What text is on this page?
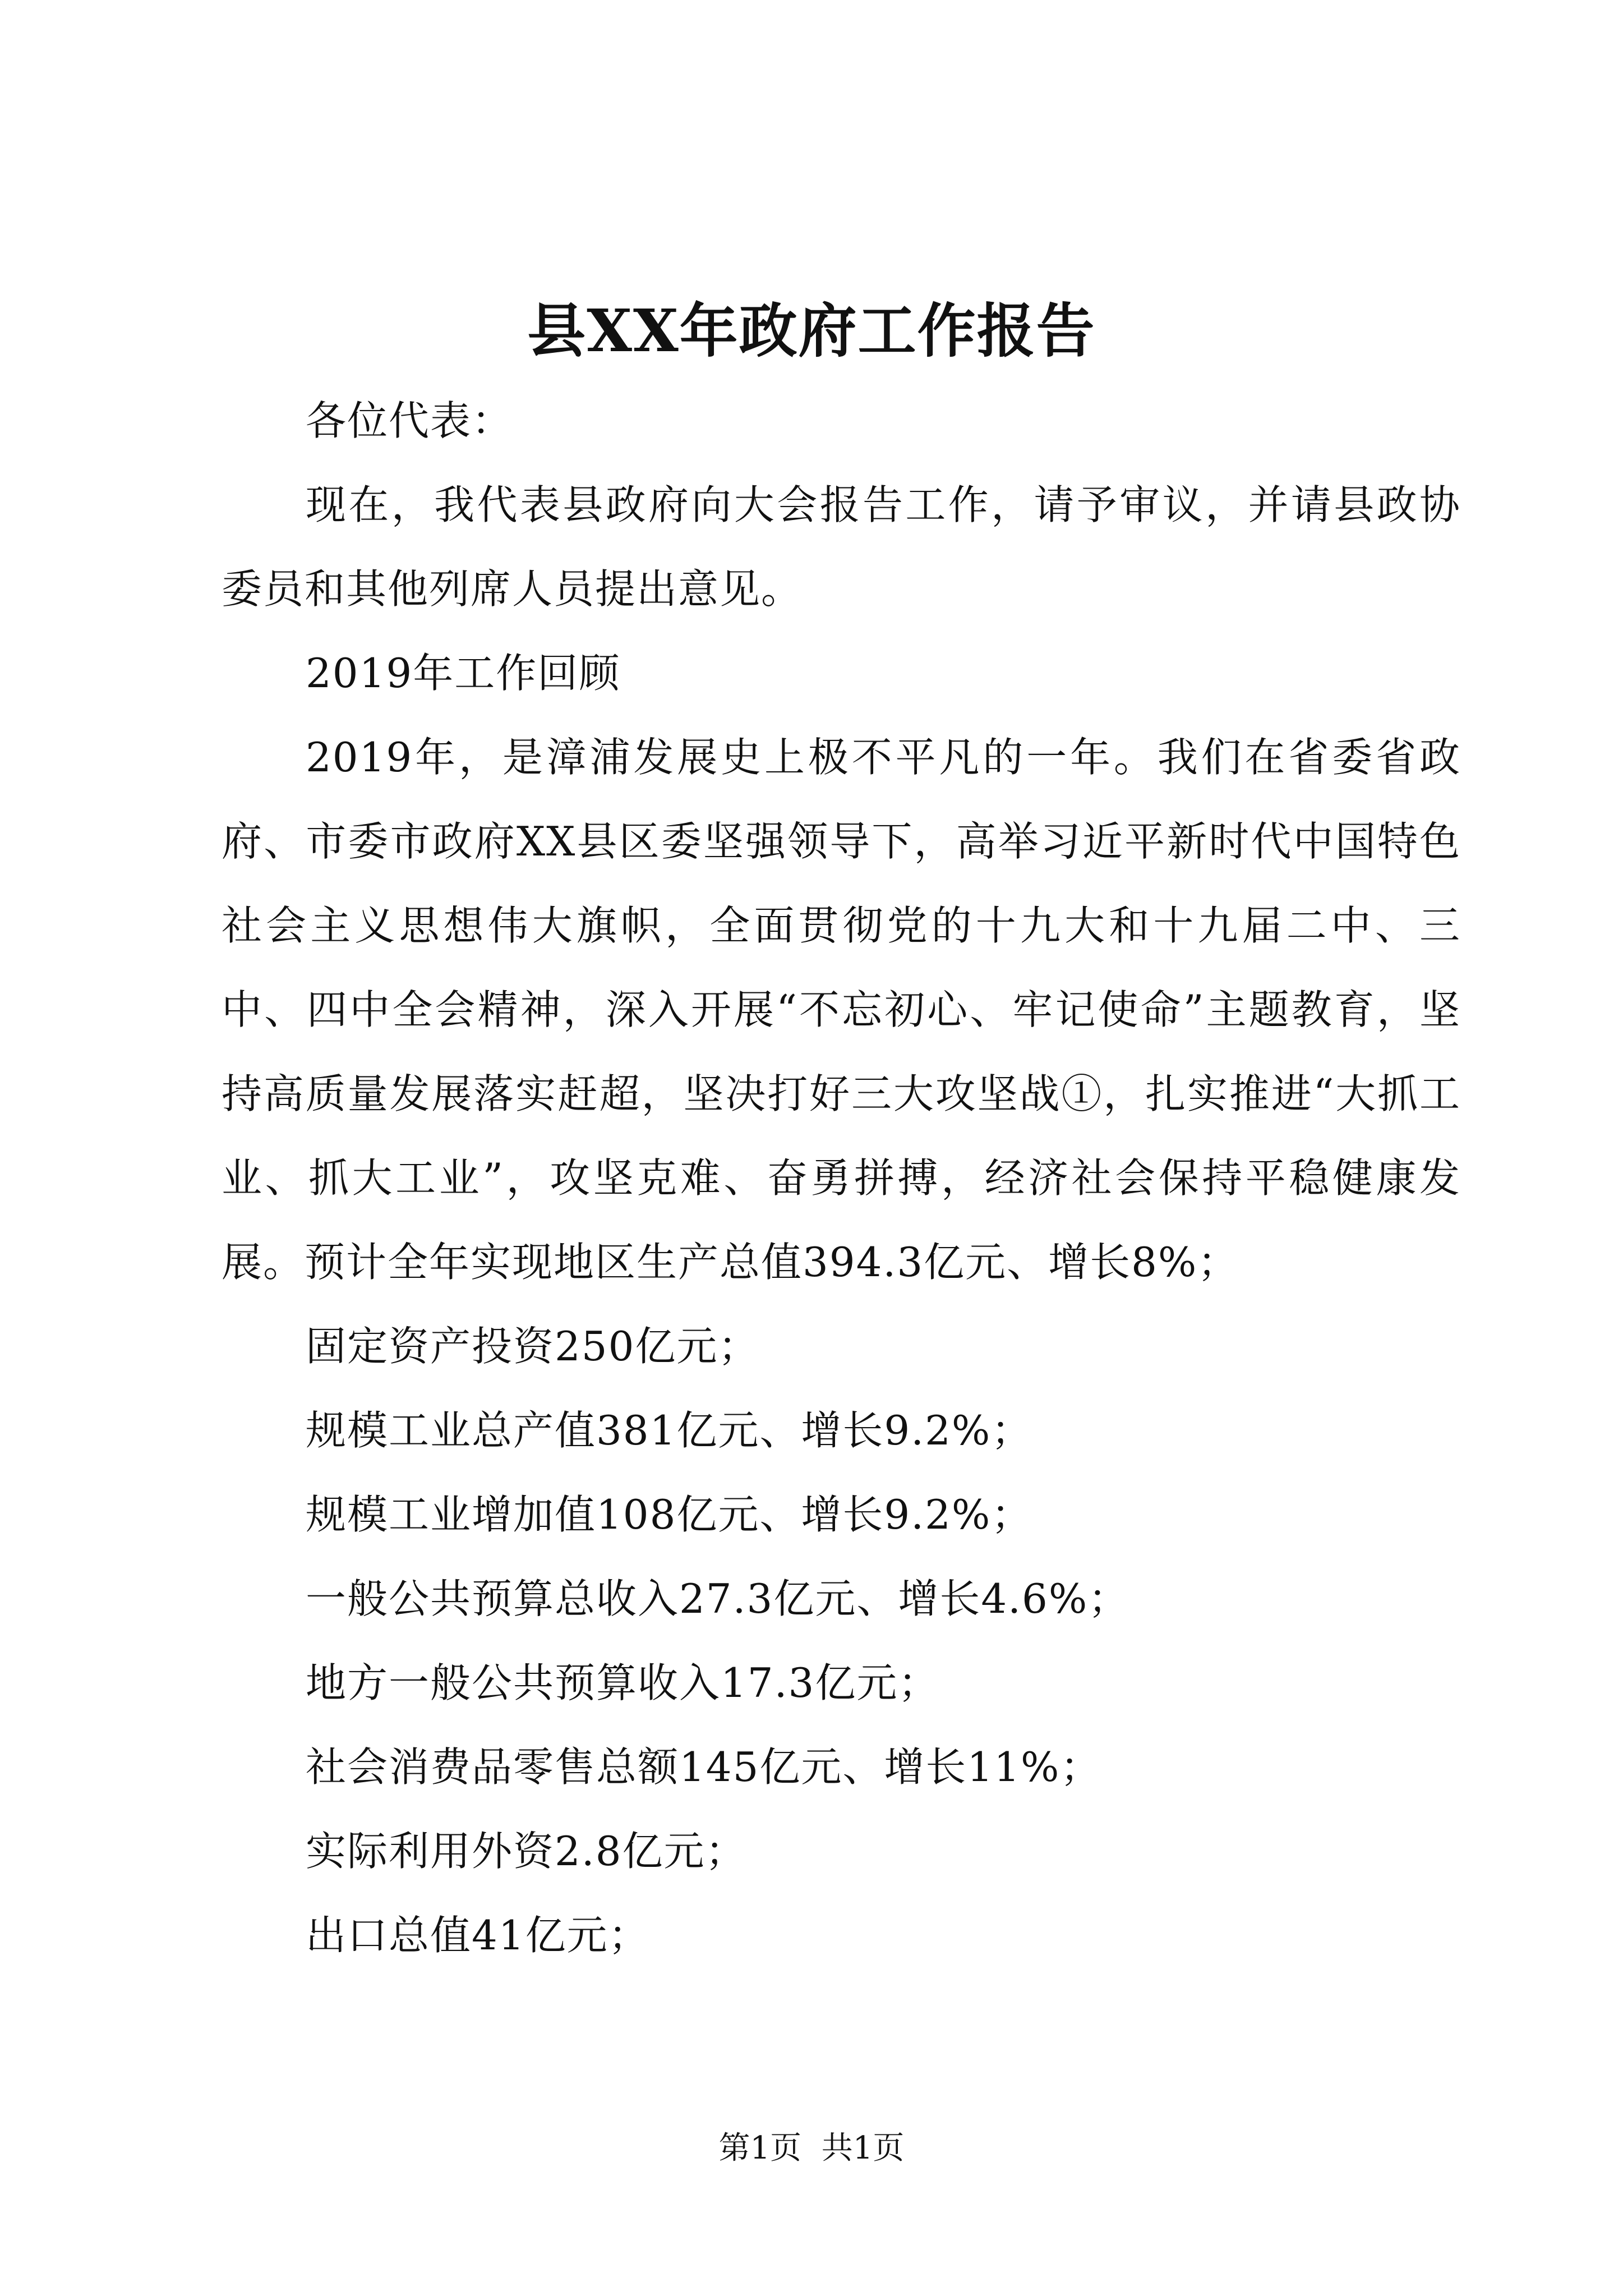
县XX年政府工作报告

各位代表：

现在，我代表县政府向大会报告工作，请予审议，并请县政协委员和其他列席人员提出意见。

2019年工作回顾

2019年，是漳浦发展史上极不平凡的一年。我们在省委省政府、市委市政府XX县区委坚强领导下，高举习近平新时代中国特色社会主义思想伟大旗帜，全面贯彻党的十九大和十九届二中、三中、四中全会精神，深入开展“不忘初心、牢记使命”主题教育，坚持高质量发展落实赶超，坚决打好三大攻坚战①，扎实推进“大抓工业、抓大工业”，攻坚克难、奋勇拼搏，经济社会保持平稳健康发展。预计全年实现地区生产总值394.3亿元、增长8%；

固定资产投资250亿元；

规模工业总产值381亿元、增长9.2%；

规模工业增加值108亿元、增长9.2%；

一般公共预算总收入27.3亿元、增长4.6%；

地方一般公共预算收入17.3亿元；

社会消费品零售总额145亿元、增长11%；

实际利用外资2.8亿元；

出口总值41亿元；

第1页 共1页
